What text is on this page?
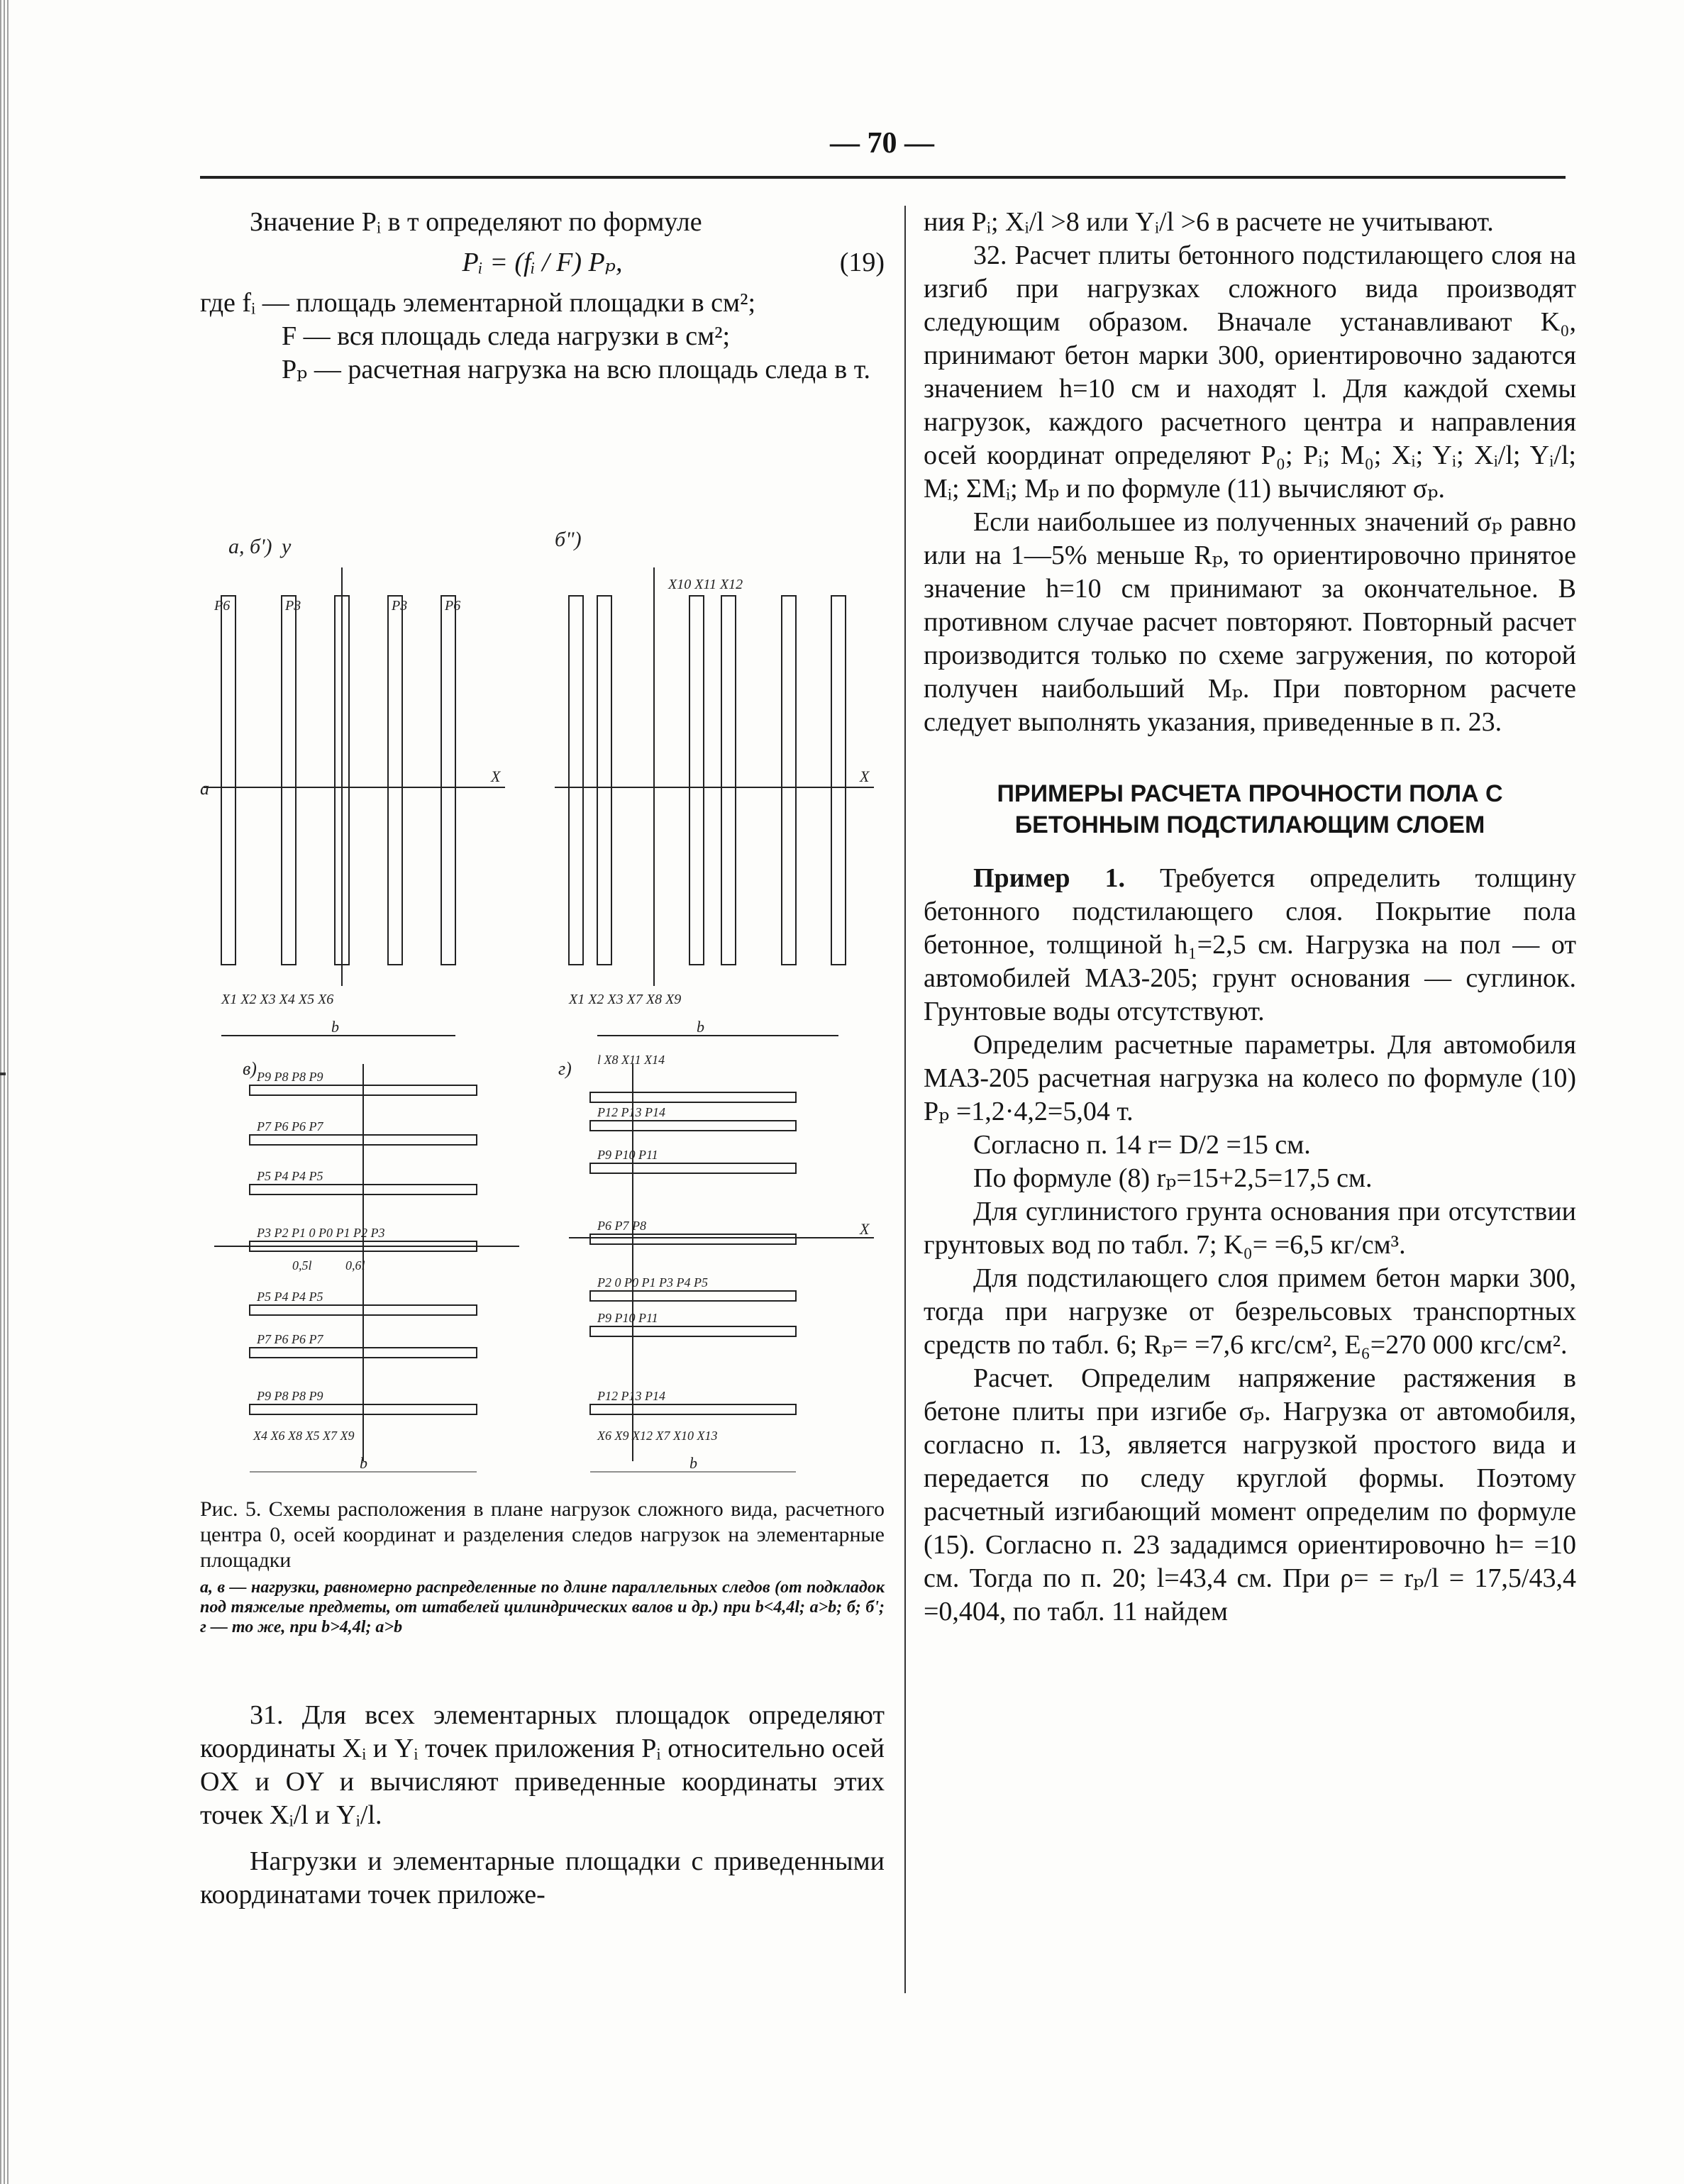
— 70 —

Значение Pᵢ в т определяют по формуле

Pᵢ = (fᵢ / F) Pₚ,	(19)

где fᵢ — площадь элементарной площадки в см²;

F — вся площадь следа нагрузки в см²;

Pₚ — расчетная нагрузка на всю площадь следа в т.

а, б') y	б")
P6	P3	P3	P6
X
a
X1 X2 X3 X4 X5 X6
b
X10 X11 X12
X
X1 X2 X3 X7 X8 X9
b
в) P9 P8 P8 P9
P7 P6 P6 P7
P5 P4 P4 P5
P3 P2 P1 0 P0 P1 P2 P3
P5 P4 P4 P5
P7 P6 P6 P7
P9 P8 P8 P9
0,5l	0,6l
X4 X6 X8 X5 X7 X9
b
г) l X8 X11 X14
P12 P13 P14
P9 P10 P11
P6 P7 P8
P2 0 P0 P1 P3 P4 P5
P9 P10 P11
P12 P13 P14
X6 X9 X12 X7 X10 X13
b
X

Рис. 5. Схемы расположения в плане нагрузок сложного вида, расчетного центра 0, осей координат и разделения следов нагрузок на элементарные площадки

а, в — нагрузки, равномерно распределенные по длине параллельных следов (от подкладок под тяжелые предметы, от штабелей цилиндрических валов и др.) при b<4,4l; a>b; б; б'; г — то же, при b>4,4l; a>b

31. Для всех элементарных площадок определяют координаты Xᵢ и Yᵢ точек приложения Pᵢ относительно осей OX и OY и вычисляют приведенные координаты этих точек Xᵢ/l и Yᵢ/l.

Нагрузки и элементарные площадки с приведенными координатами точек приложе-

ния Pᵢ; Xᵢ/l >8 или Yᵢ/l >6 в расчете не учитывают.

32. Расчет плиты бетонного подстилающего слоя на изгиб при нагрузках сложного вида производят следующим образом. Вначале устанавливают K₀, принимают бетон марки 300, ориентировочно задаются значением h=10 см и находят l. Для каждой схемы нагрузок, каждого расчетного центра и направления осей координат определяют P₀; Pᵢ; M₀; Xᵢ; Yᵢ; Xᵢ/l; Yᵢ/l; Mᵢ; ΣMᵢ; Mₚ и по формуле (11) вычисляют σₚ.

Если наибольшее из полученных значений σₚ равно или на 1—5% меньше Rₚ, то ориентировочно принятое значение h=10 см принимают за окончательное. В противном случае расчет повторяют. Повторный расчет производится только по схеме загружения, по которой получен наибольший Mₚ. При повторном расчете следует выполнять указания, приведенные в п. 23.

ПРИМЕРЫ РАСЧЕТА ПРОЧНОСТИ ПОЛА С БЕТОННЫМ ПОДСТИЛАЮЩИМ СЛОЕМ

Пример 1. Требуется определить толщину бетонного подстилающего слоя. Покрытие пола бетонное, толщиной h₁=2,5 см. Нагрузка на пол — от автомобилей МАЗ-205; грунт основания — суглинок. Грунтовые воды отсутствуют.

Определим расчетные параметры. Для автомобиля МАЗ-205 расчетная нагрузка на колесо по формуле (10) Pₚ =1,2·4,2=5,04 т.

Согласно п. 14 r= D/2 =15 см.

По формуле (8) rₚ=15+2,5=17,5 см.

Для суглинистого грунта основания при отсутствии грунтовых вод по табл. 7; K₀= =6,5 кг/см³.

Для подстилающего слоя примем бетон марки 300, тогда при нагрузке от безрельсовых транспортных средств по табл. 6; Rₚ= =7,6 кгс/см², E₆=270 000 кгс/см².

Расчет. Определим напряжение растяжения в бетоне плиты при изгибе σₚ. Нагрузка от автомобиля, согласно п. 13, является нагрузкой простого вида и передается по следу круглой формы. Поэтому расчетный изгибающий момент определим по формуле (15). Согласно п. 23 зададимся ориентировочно h= =10 см. Тогда по п. 20; l=43,4 см. При ρ= = rₚ/l = 17,5/43,4 =0,404, по табл. 11 найдем
